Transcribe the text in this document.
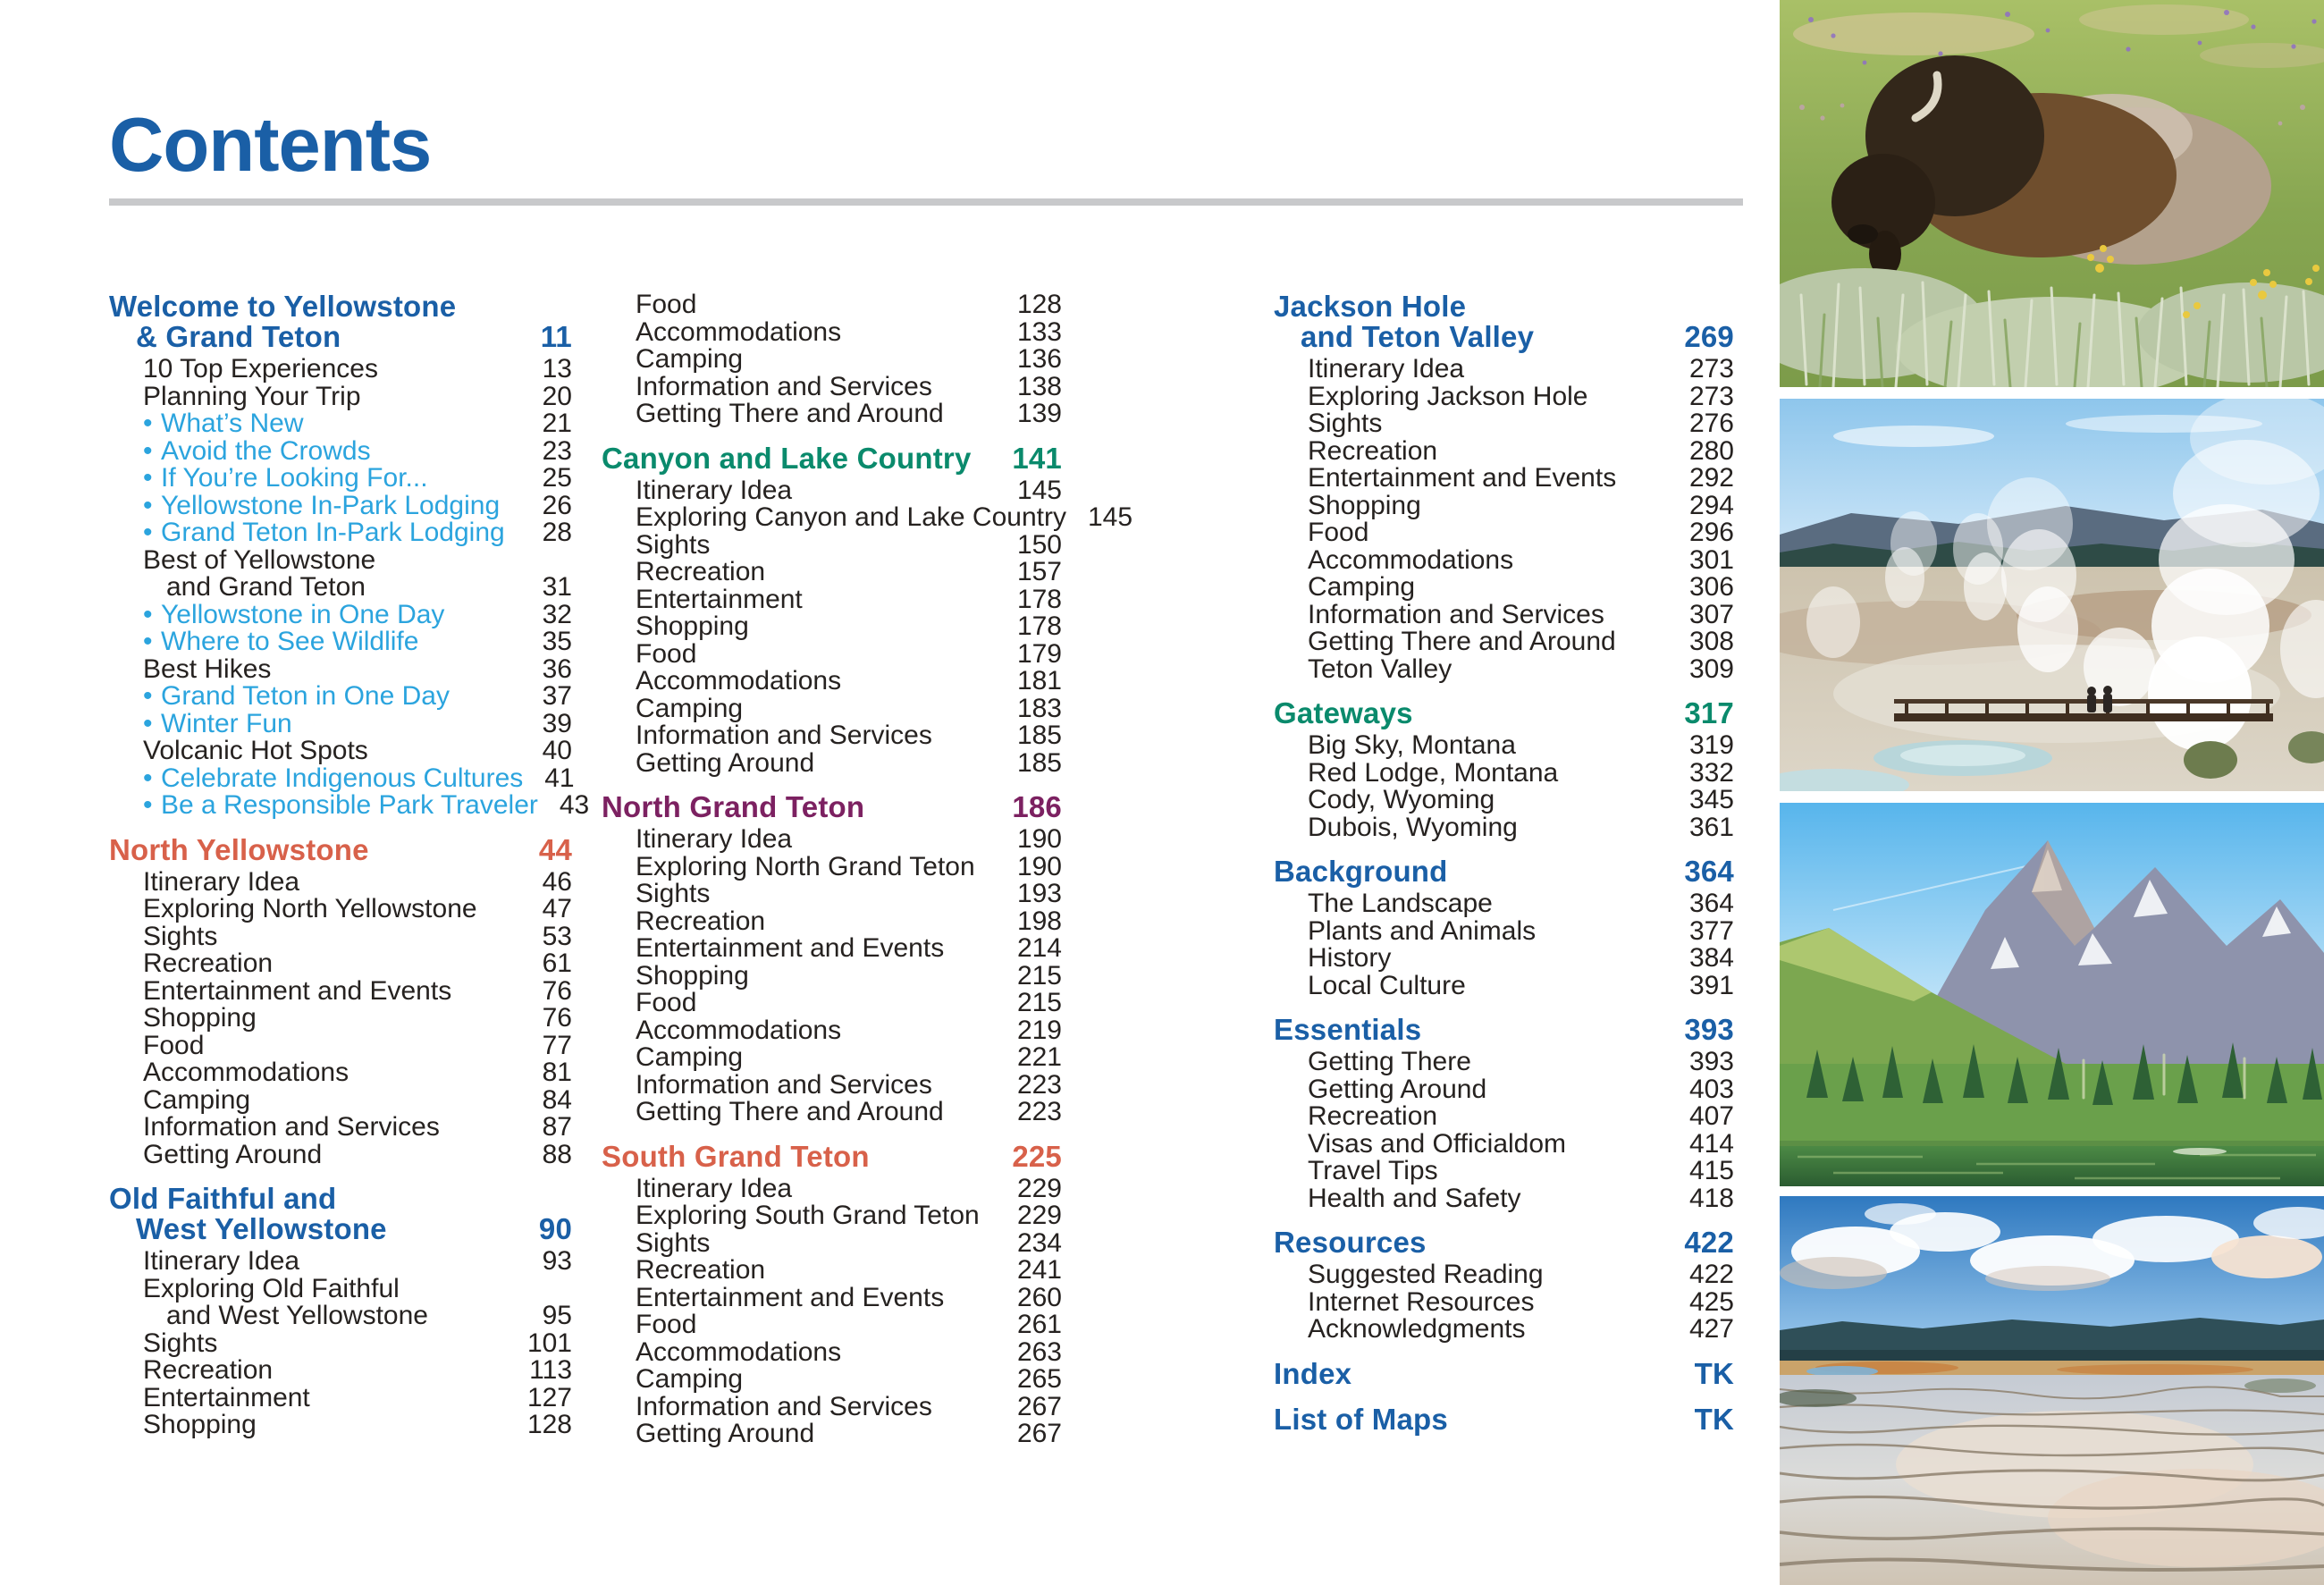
Contents
Welcome to Yellowstone
& Grand Teton	11
10 Top Experiences	13
Planning Your Trip	20
• What’s New	21
• Avoid the Crowds	23
• If You’re Looking For...	25
• Yellowstone In-Park Lodging 26
• Grand Teton In-Park Lodging 28
Best of Yellowstone
and Grand Teton	31
• Yellowstone in One Day	32
• Where to See Wildlife	35
Best Hikes	36
• Grand Teton in One Day	37
• Winter Fun	39
Volcanic Hot Spots	40
• Celebrate Indigenous Cultures 41
• Be a Responsible Park Traveler 43
North Yellowstone	44
Itinerary Idea	46
Exploring North Yellowstone 47
Sights	53
Recreation	61
Entertainment and Events	76
Shopping	76
Food	77
Accommodations	81
Camping	84
Information and Services	87
Getting Around	88
Old Faithful and
West Yellowstone	90
Itinerary Idea	93
Exploring Old Faithful
and West Yellowstone	95
Sights	101
Recreation	113
Entertainment	127
Shopping	128
Food	128
Accommodations	133
Camping	136
Information and Services	138
Getting There and Around	139
Canyon and Lake Country 141
Itinerary Idea	145
Exploring Canyon and Lake Country 145
Sights	150
Recreation	157
Entertainment	178
Shopping	178
Food	179
Accommodations	181
Camping	183
Information and Services	185
Getting Around	185
North Grand Teton	186
Itinerary Idea	190
Exploring North Grand Teton 190
Sights	193
Recreation	198
Entertainment and Events	214
Shopping	215
Food	215
Accommodations	219
Camping	221
Information and Services	223
Getting There and Around	223
South Grand Teton	225
Itinerary Idea	229
Exploring South Grand Teton 229
Sights	234
Recreation	241
Entertainment and Events	260
Food	261
Accommodations	263
Camping	265
Information and Services	267
Getting Around	267
Jackson Hole
and Teton Valley	269
Itinerary Idea	273
Exploring Jackson Hole	273
Sights	276
Recreation	280
Entertainment and Events	292
Shopping	294
Food	296
Accommodations	301
Camping	306
Information and Services	307
Getting There and Around	308
Teton Valley	309
Gateways	317
Big Sky, Montana	319
Red Lodge, Montana	332
Cody, Wyoming	345
Dubois, Wyoming	361
Background	364
The Landscape	364
Plants and Animals	377
History	384
Local Culture	391
Essentials	393
Getting There	393
Getting Around	403
Recreation	407
Visas and Officialdom	414
Travel Tips	415
Health and Safety	418
Resources	422
Suggested Reading	422
Internet Resources	425
Acknowledgments	427
Index	TK
List of Maps	TK
